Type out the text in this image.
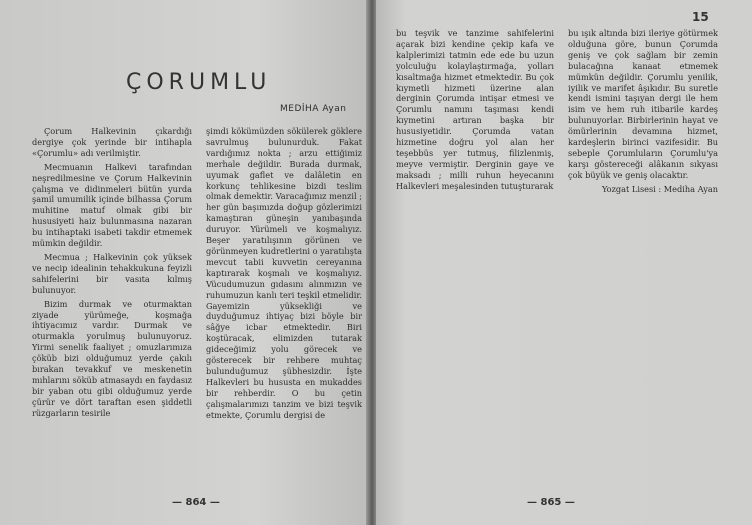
ÇORUMLU
MEDİHA Ayan

Çorum Halkevinin çıkardığı dergiye çok yerinde bir intihapla «Çorumlu» adı verilmiştir.

Mecmuanın Halkevi tarafından neşredilmesine ve Çorum Halkevinin çalışma ve didinmeleri bütün yurda şamil umumilik içinde bilhassa Çorum muhitine matuf olmak gibi bir hususiyeti haiz bulunmasına nazaran bu intihaptaki isabeti takdir etmemek mümkin değildir.

Mecmua ; Halkevinin çok yüksek ve necip idealinin tehakkukuna feyizli sahifelerini bir vasıta kılmış bulunuyor.

Bizim durmak ve oturmaktan ziyade yürümeğe, koşmağa ihtiyacımız vardır. Durmak ve oturmakla yorulmuş bulunuyoruz. Yirmi senelik faaliyet ; omuzlarımıza çöküb bizi olduğumuz yerde çakılı bırakan tevakkuf ve meskenetin mıhlarını söküb atmasaydı en faydasız bir yaban otu gibi olduğumuz yerde çürür ve dört taraftan esen şiddetli rüzgarların tesirile

şimdi kökümüzden sökülerek göklere savrulmuş bulunurduk. Fakat vardığımız nokta ; arzu ettiğimiz merhale değildir. Burada durmak, uyumak gaflet ve dalâletin en korkunç tehlikesine bizdi teslim olmak demektir. Varacağımız menzil ; her gün başımızda doğup gözlerimizi kamaştıran güneşin yanıbaşında duruyor. Yürümeli ve koşmalıyız. Beşer yaratılışının görünen ve görünmeyen kudretlerini o yaratılışta mevcut tabii kuvvetin cereyanına kaptırarak koşmalı ve koşmalıyız. Vücudumuzun gıdasını alınmızın ve ruhumuzun kanlı teri teşkil etmelidir. Gayemizin yüksekliği ve duyduğumuz ihtiyaç bizi böyle bir sâğye icbar etmektedir. Biri koştüracak, elimizden tutarak gideceğimiz yolu görecek ve gösterecek bir rehbere muhtaç bulunduğumuz şübhesizdir. İşte Halkevleri bu hususta en mukaddes bir rehberdir. O bu çetin çalışmalarımızı tanzim ve bizi teşvik etmekte, Çorumlu dergisi de

— 864 —
15

bu teşvik ve tanzime sahifelerini açarak bizi kendine çekip kafa ve kalplerimizi tatmin ede ede bu uzun yolculuğu kolaylaştırmağa, yolları kısaltmağa hizmet etmektedir. Bu çok kıymetli hizmeti üzerine alan derginin Çorumda intişar etmesi ve Çorumlu namını taşıması kendi kıymetini artıran başka bir hususiyetidir. Çorumda vatan hizmetine doğru yol alan her teşebbüs yer tutmuş, filizlenmiş, meyve vermiştir. Derginin gaye ve maksadı ; milli ruhun heyecanını Halkevleri meşalesinden tutuşturarak

bu ışık altında bizi ileriye götürmek olduğuna göre, bunun Çorumda geniş ve çok sağlam bir zemin bulacağına kanaat etmemek mümkün değildir. Çorumlu yenilik, iyilik ve marifet âşıkıdır. Bu suretle kendi ismini taşıyan dergi ile hem isim ve hem ruh itibarile kardeş bulunuyorlar. Birbirlerinin hayat ve ömürlerinin devamına hizmet, kardeşlerin birinci vazifesidir. Bu sebeple Çorumluların Çorumlu'ya karşı göstereceği alâkanın sıkyası çok büyük ve geniş olacaktır.

Yozgat Lisesi : Mediha Ayan
— 865 —
